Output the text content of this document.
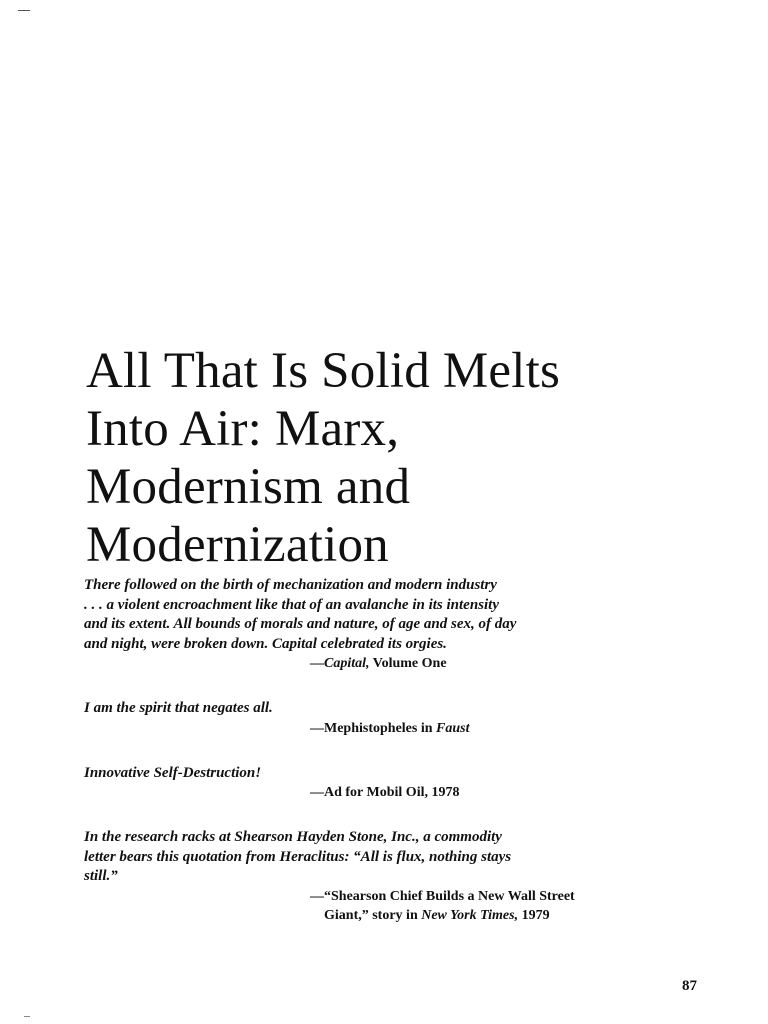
All That Is Solid Melts
Into Air: Marx,
Modernism and
Modernization

There followed on the birth of mechanization and modern industry
. . . a violent encroachment like that of an avalanche in its intensity
and its extent. All bounds of morals and nature, of age and sex, of day
and night, were broken down. Capital celebrated its orgies.

—Capital, Volume One

I am the spirit that negates all.

—Mephistopheles in Faust

Innovative Self-Destruction!

—Ad for Mobil Oil, 1978

In the research racks at Shearson Hayden Stone, Inc., a commodity
letter bears this quotation from Heraclitus: “All is flux, nothing stays
still.”

—“Shearson Chief Builds a New Wall Street
Giant,” story in New York Times, 1979

87
